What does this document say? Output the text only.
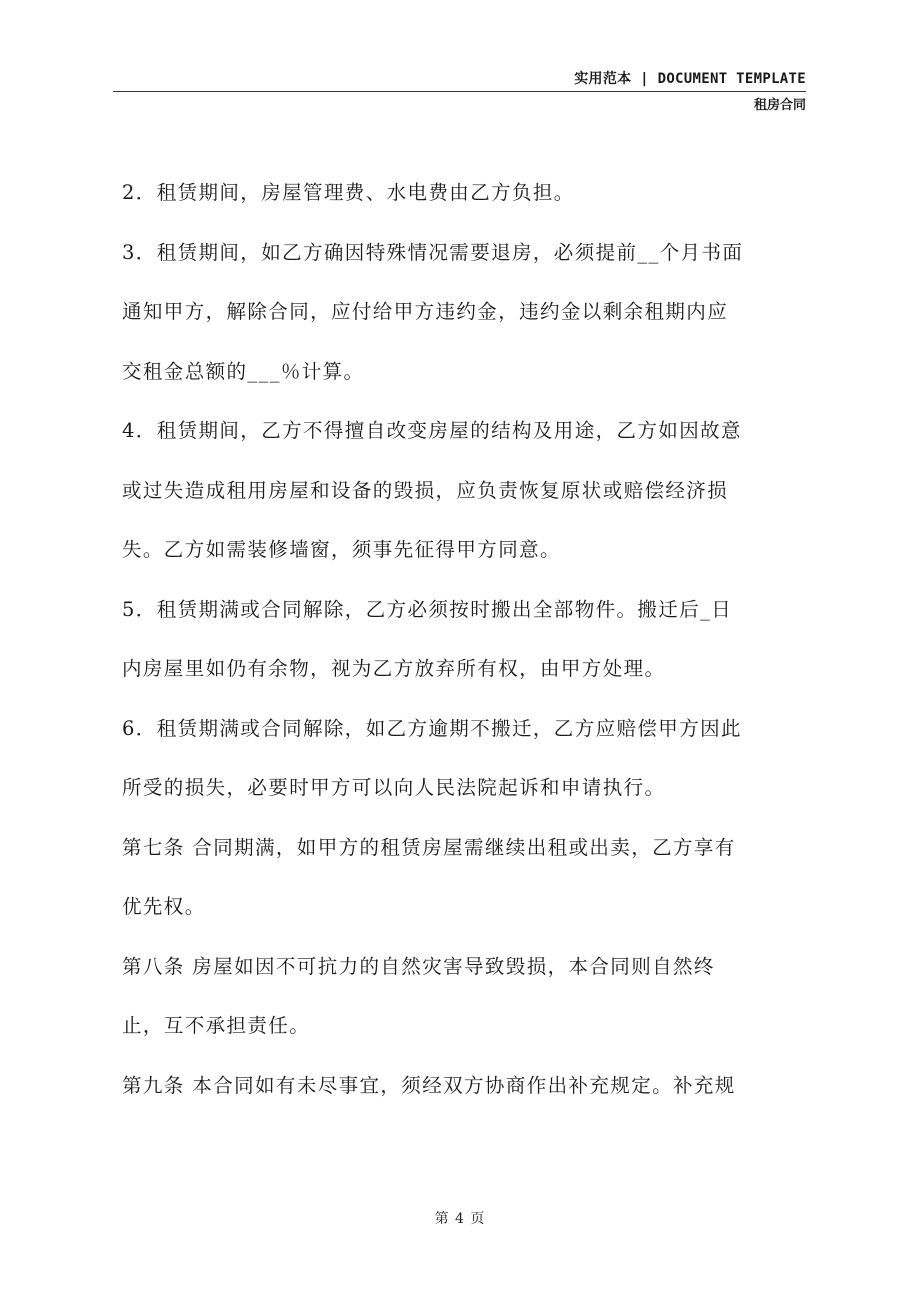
实用范本 | DOCUMENT TEMPLATE
租房合同
2．租赁期间，房屋管理费、水电费由乙方负担。
3．租赁期间，如乙方确因特殊情况需要退房，必须提前__个月书面
通知甲方，解除合同，应付给甲方违约金，违约金以剩余租期内应
交租金总额的___％计算。
4．租赁期间，乙方不得擅自改变房屋的结构及用途，乙方如因故意
或过失造成租用房屋和设备的毁损，应负责恢复原状或赔偿经济损
失。乙方如需装修墙窗，须事先征得甲方同意。
5．租赁期满或合同解除，乙方必须按时搬出全部物件。搬迁后_日
内房屋里如仍有余物，视为乙方放弃所有权，由甲方处理。
6．租赁期满或合同解除，如乙方逾期不搬迁，乙方应赔偿甲方因此
所受的损失，必要时甲方可以向人民法院起诉和申请执行。
第七条 合同期满，如甲方的租赁房屋需继续出租或出卖，乙方享有
优先权。
第八条 房屋如因不可抗力的自然灾害导致毁损，本合同则自然终
止，互不承担责任。
第九条 本合同如有未尽事宜，须经双方协商作出补充规定。补充规
第 4 页
